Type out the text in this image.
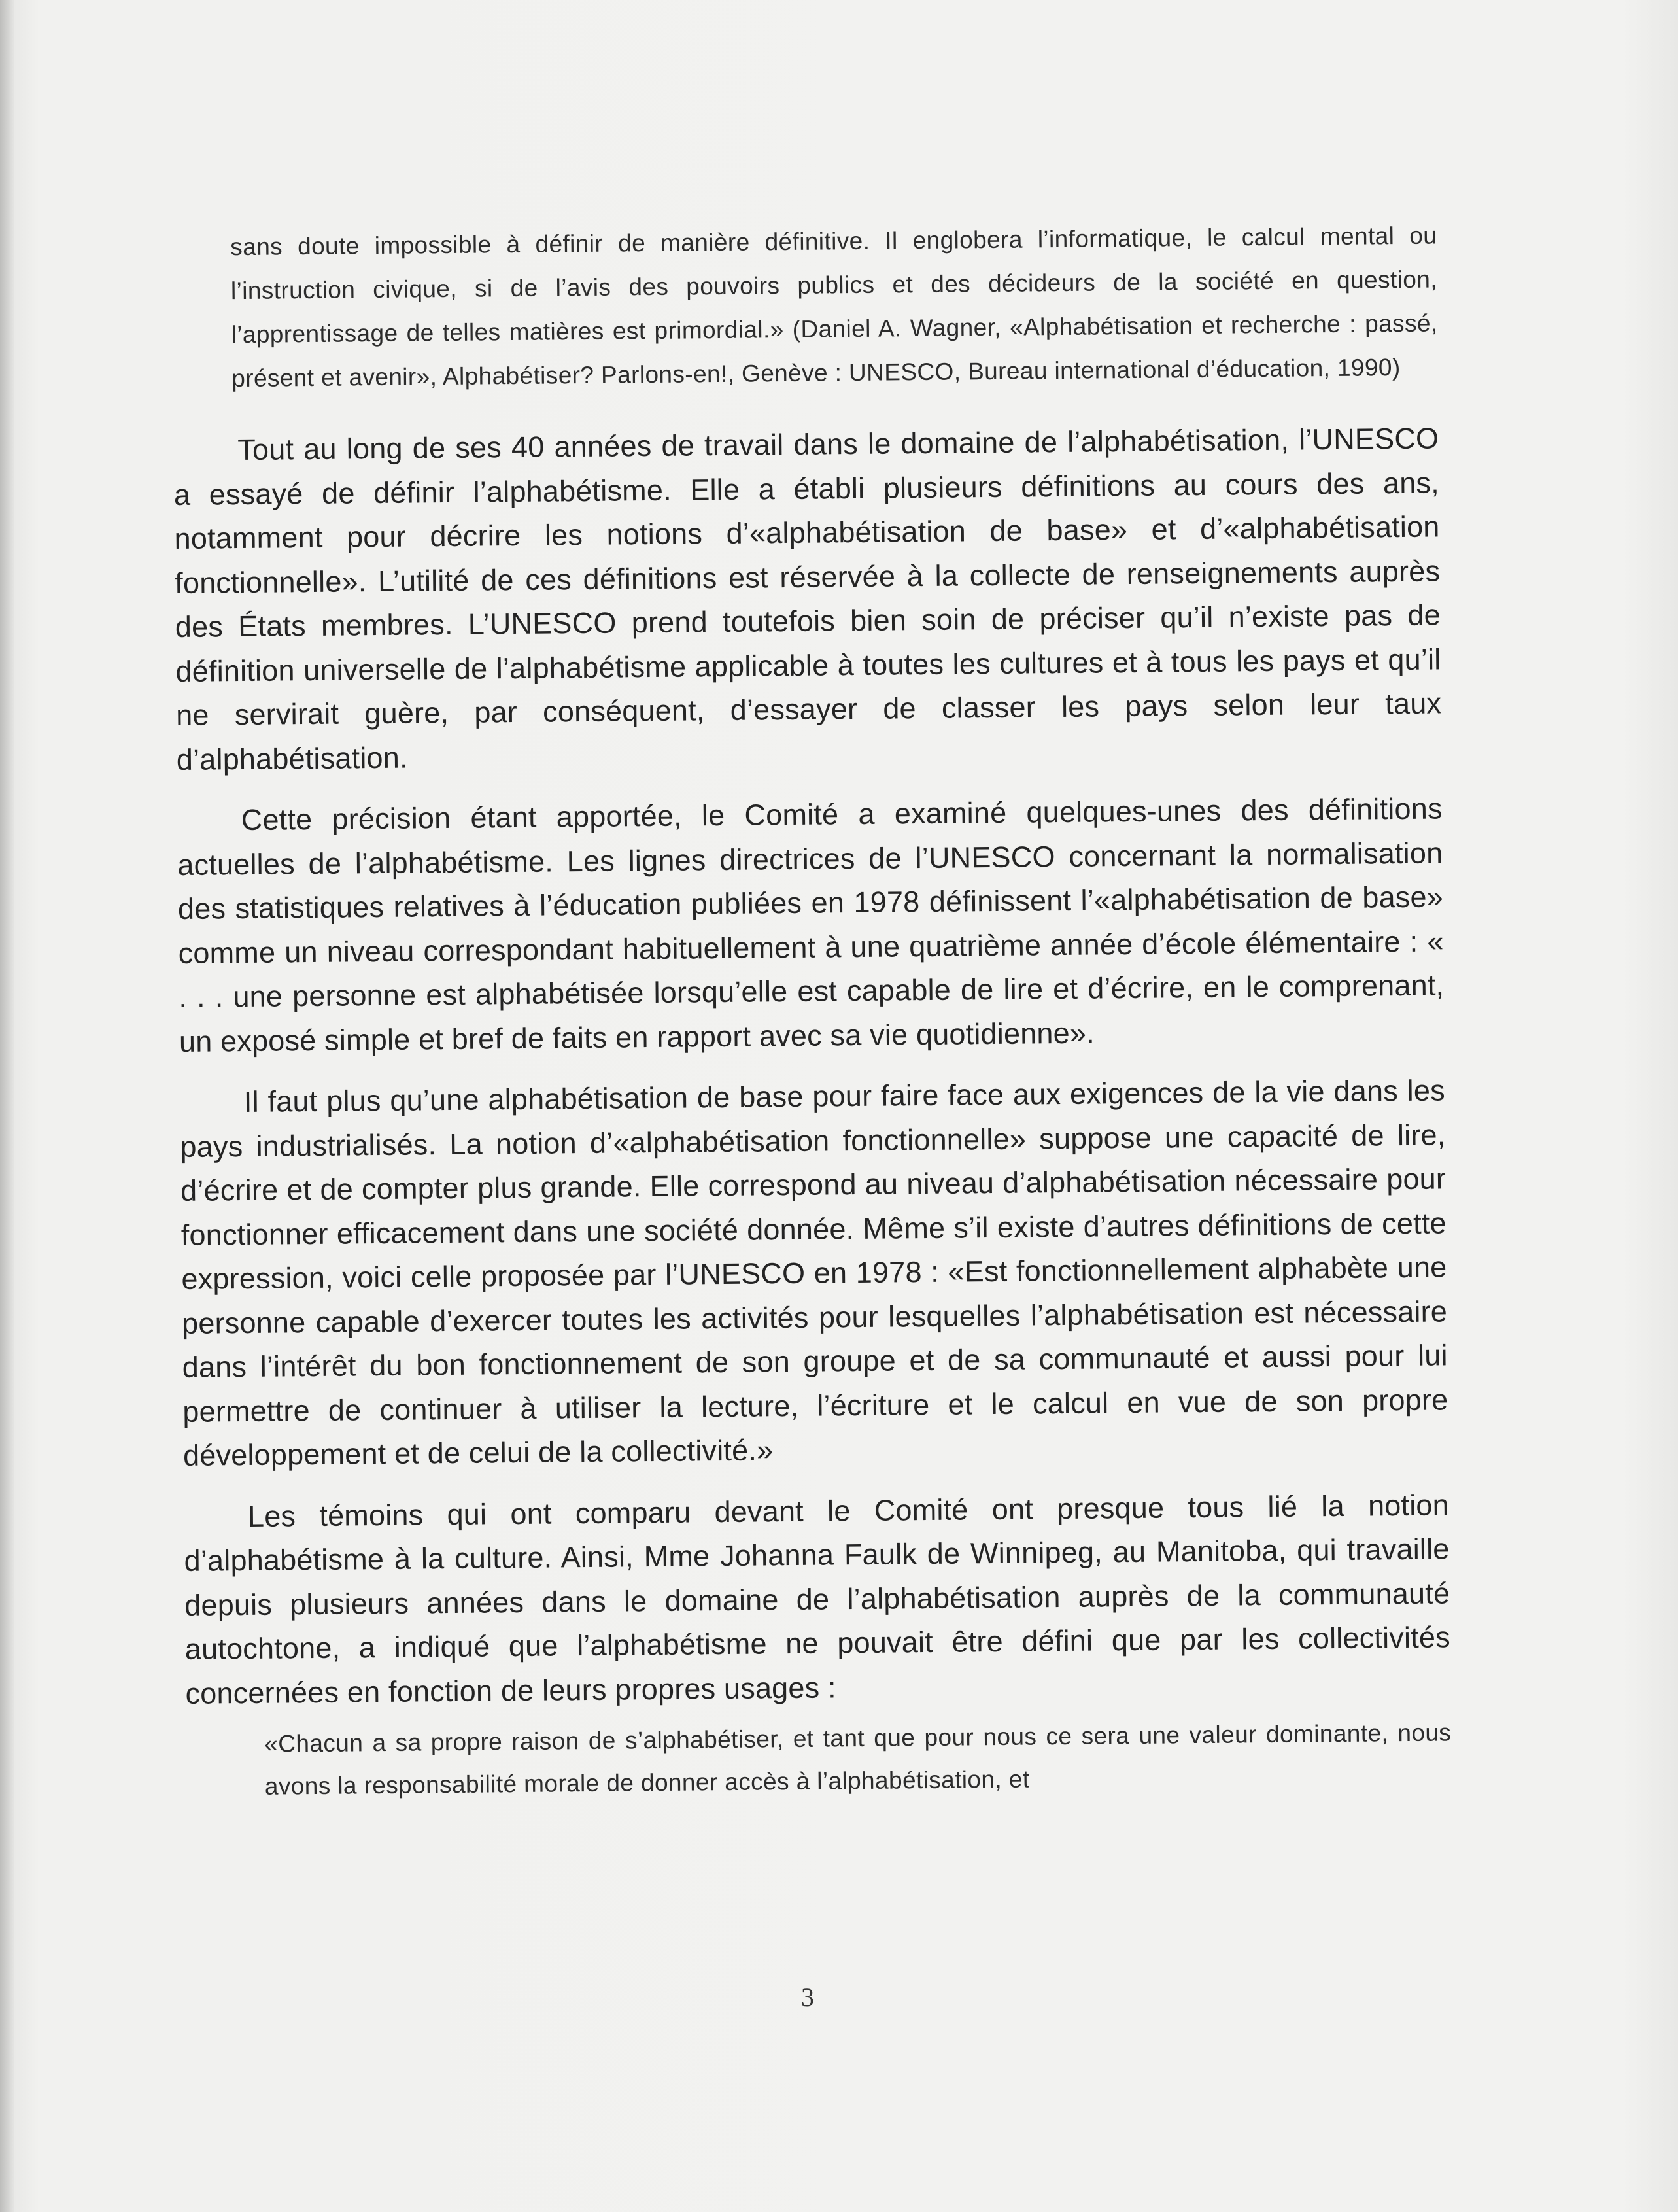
sans doute impossible à définir de manière définitive. Il englobera l’informatique, le calcul mental ou l’instruction civique, si de l’avis des pouvoirs publics et des décideurs de la société en question, l’apprentissage de telles matières est primordial.» (Daniel A. Wagner, «Alphabétisation et recherche : passé, présent et avenir», Alphabétiser? Parlons-en!, Genève : UNESCO, Bureau international d’éducation, 1990)

Tout au long de ses 40 années de travail dans le domaine de l’alphabétisation, l’UNESCO a essayé de définir l’alphabétisme. Elle a établi plusieurs définitions au cours des ans, notamment pour décrire les notions d’«alphabétisation de base» et d’«alphabétisation fonctionnelle». L’utilité de ces définitions est réservée à la collecte de renseignements auprès des États membres. L’UNESCO prend toutefois bien soin de préciser qu’il n’existe pas de définition universelle de l’alphabétisme applicable à toutes les cultures et à tous les pays et qu’il ne servirait guère, par conséquent, d’essayer de classer les pays selon leur taux d’alphabétisation.

Cette précision étant apportée, le Comité a examiné quelques-unes des définitions actuelles de l’alphabétisme. Les lignes directrices de l’UNESCO concernant la normalisation des statistiques relatives à l’éducation publiées en 1978 définissent l’«alphabétisation de base» comme un niveau correspondant habituellement à une quatrième année d’école élémentaire : « . . . une personne est alphabétisée lorsqu’elle est capable de lire et d’écrire, en le comprenant, un exposé simple et bref de faits en rapport avec sa vie quotidienne».

Il faut plus qu’une alphabétisation de base pour faire face aux exigences de la vie dans les pays industrialisés. La notion d’«alphabétisation fonctionnelle» suppose une capacité de lire, d’écrire et de compter plus grande. Elle correspond au niveau d’alphabétisation nécessaire pour fonctionner efficacement dans une société donnée. Même s’il existe d’autres définitions de cette expression, voici celle proposée par l’UNESCO en 1978 : «Est fonctionnellement alphabète une personne capable d’exercer toutes les activités pour lesquelles l’alphabétisation est nécessaire dans l’intérêt du bon fonctionnement de son groupe et de sa communauté et aussi pour lui permettre de continuer à utiliser la lecture, l’écriture et le calcul en vue de son propre développement et de celui de la collectivité.»

Les témoins qui ont comparu devant le Comité ont presque tous lié la notion d’alphabétisme à la culture. Ainsi, Mme Johanna Faulk de Winnipeg, au Manitoba, qui travaille depuis plusieurs années dans le domaine de l’alphabétisation auprès de la communauté autochtone, a indiqué que l’alphabétisme ne pouvait être défini que par les collectivités concernées en fonction de leurs propres usages :

«Chacun a sa propre raison de s’alphabétiser, et tant que pour nous ce sera une valeur dominante, nous avons la responsabilité morale de donner accès à l’alphabétisation, et

3
